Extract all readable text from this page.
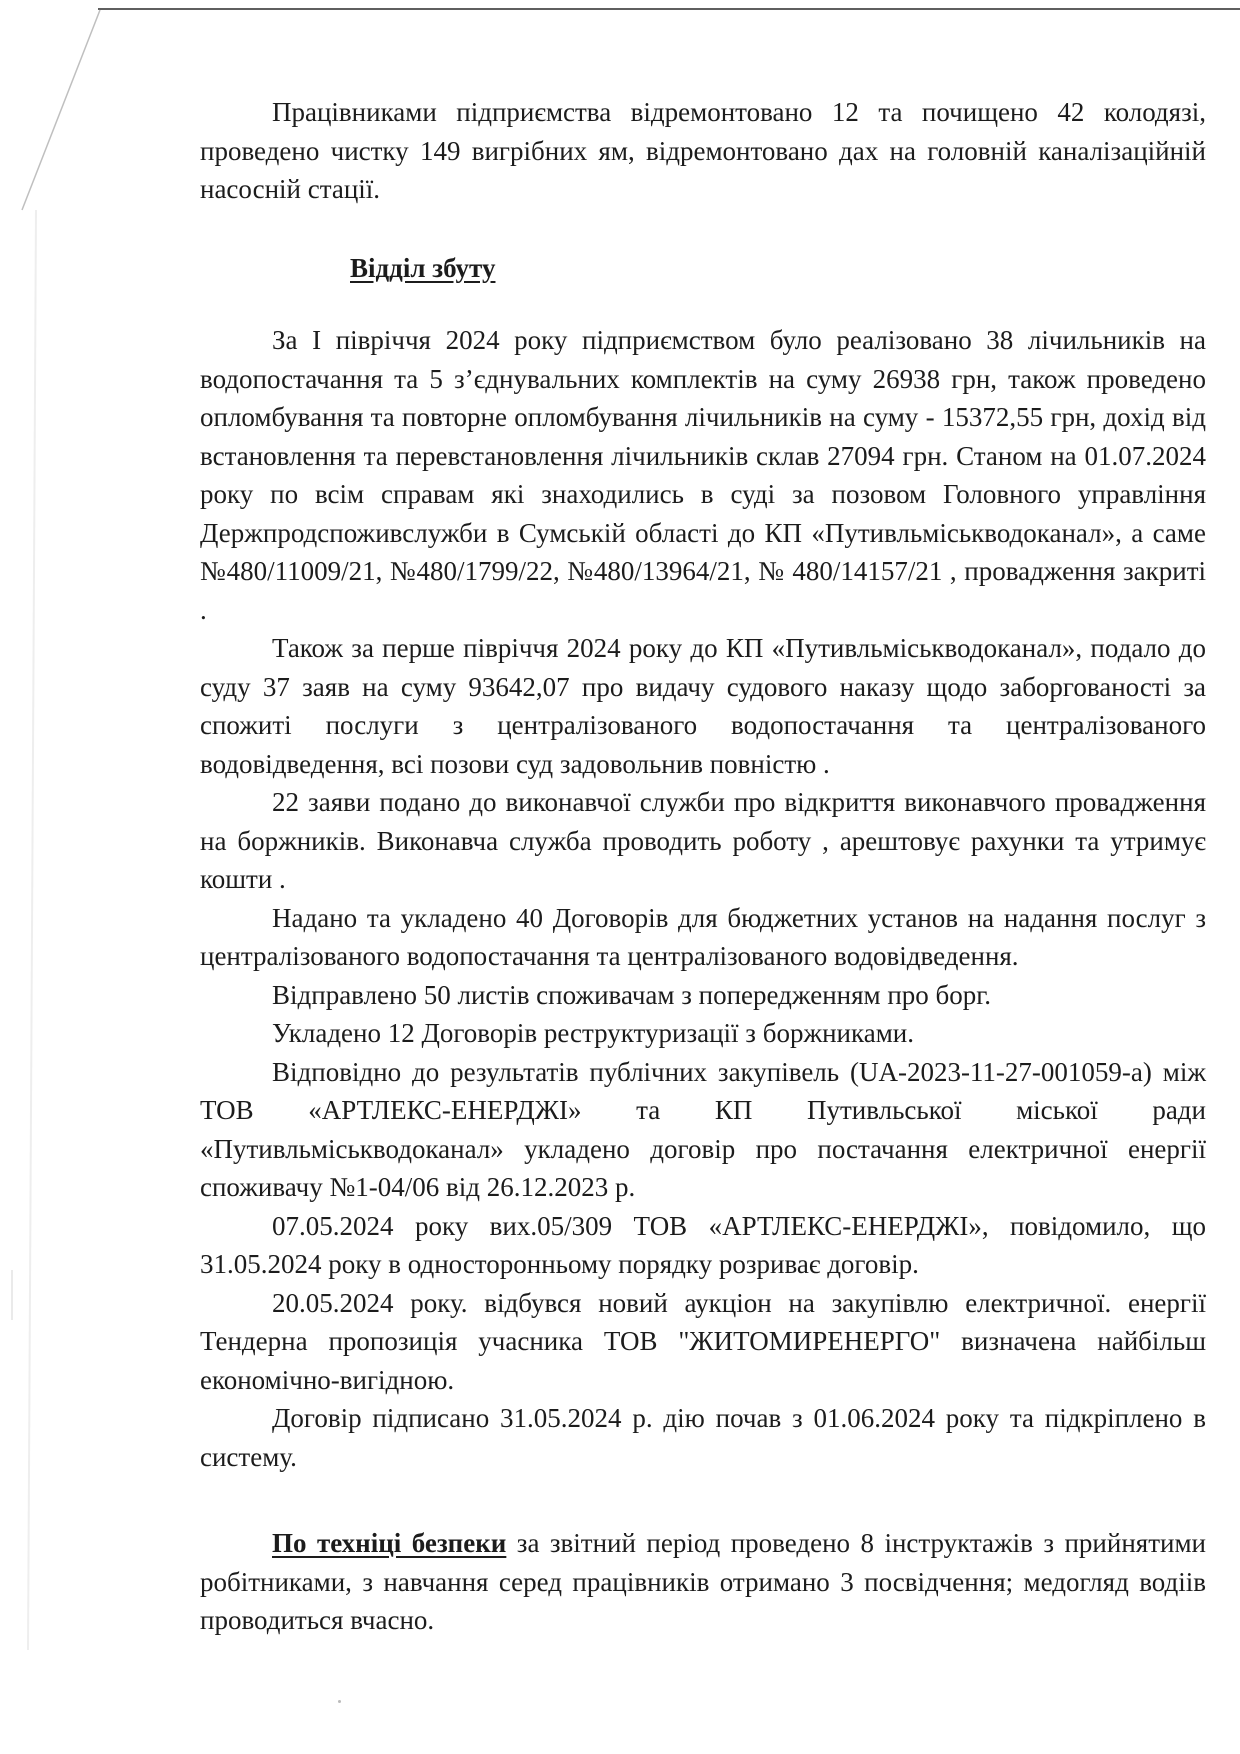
Працівниками підприємства відремонтовано 12 та почищено 42 колодязі, проведено чистку 149 вигрібних ям, відремонтовано дах на головній каналізаційній насосній стації.

Відділ збуту

За I півріччя 2024 року підприємством було реалізовано 38 лічильників на водопостачання та 5 з’єднувальних комплектів на суму 26938 грн, також проведено опломбування та повторне опломбування лічильників на суму - 15372,55 грн, дохід від встановлення та перевстановлення лічильників склав 27094 грн. Станом на 01.07.2024 року по всім справам які знаходились в суді за позовом Головного управління Держпродспоживслужби в Сумській області до КП «Путивльміськводоканал», а саме №480/11009/21, №480/1799/22, №480/13964/21, № 480/14157/21 , провадження закриті .

Також за перше півріччя 2024 року до КП «Путивльміськводоканал», подало до суду 37 заяв на суму 93642,07 про видачу судового наказу щодо заборгованості за спожиті послуги з централізованого водопостачання та централізованого водовідведення, всі позови суд задовольнив повністю .

22 заяви подано до виконавчої служби про відкриття виконавчого провадження на боржників. Виконавча служба проводить роботу , арештовує рахунки та утримує кошти .

Надано та укладено 40 Договорів для бюджетних установ на надання послуг з централізованого водопостачання та централізованого водовідведення.

Відправлено 50 листів споживачам з попередженням про борг.

Укладено 12 Договорів реструктуризації з боржниками.

Відповідно до результатів публічних закупівель (UA-2023-11-27-001059-a) між ТОВ «АРТЛЕКС-ЕНЕРДЖІ» та КП Путивльської міської ради «Путивльміськводоканал» укладено договір про постачання електричної енергії споживачу №1-04/06 від 26.12.2023 р.

07.05.2024 року вих.05/309 ТОВ «АРТЛЕКС-ЕНЕРДЖІ», повідомило, що 31.05.2024 року в односторонньому порядку розриває договір.

20.05.2024 року. відбувся новий аукціон на закупівлю електричної. енергії Тендерна пропозиція учасника ТОВ "ЖИТОМИРЕНЕРГО" визначена найбільш економічно-вигідною.

Договір підписано 31.05.2024 р. дію почав з 01.06.2024 року та підкріплено в систему.

По техніці безпеки за звітний період проведено 8 інструктажів з прийнятими робітниками, з навчання серед працівників отримано 3 посвідчення; медогляд водіів проводиться вчасно.
